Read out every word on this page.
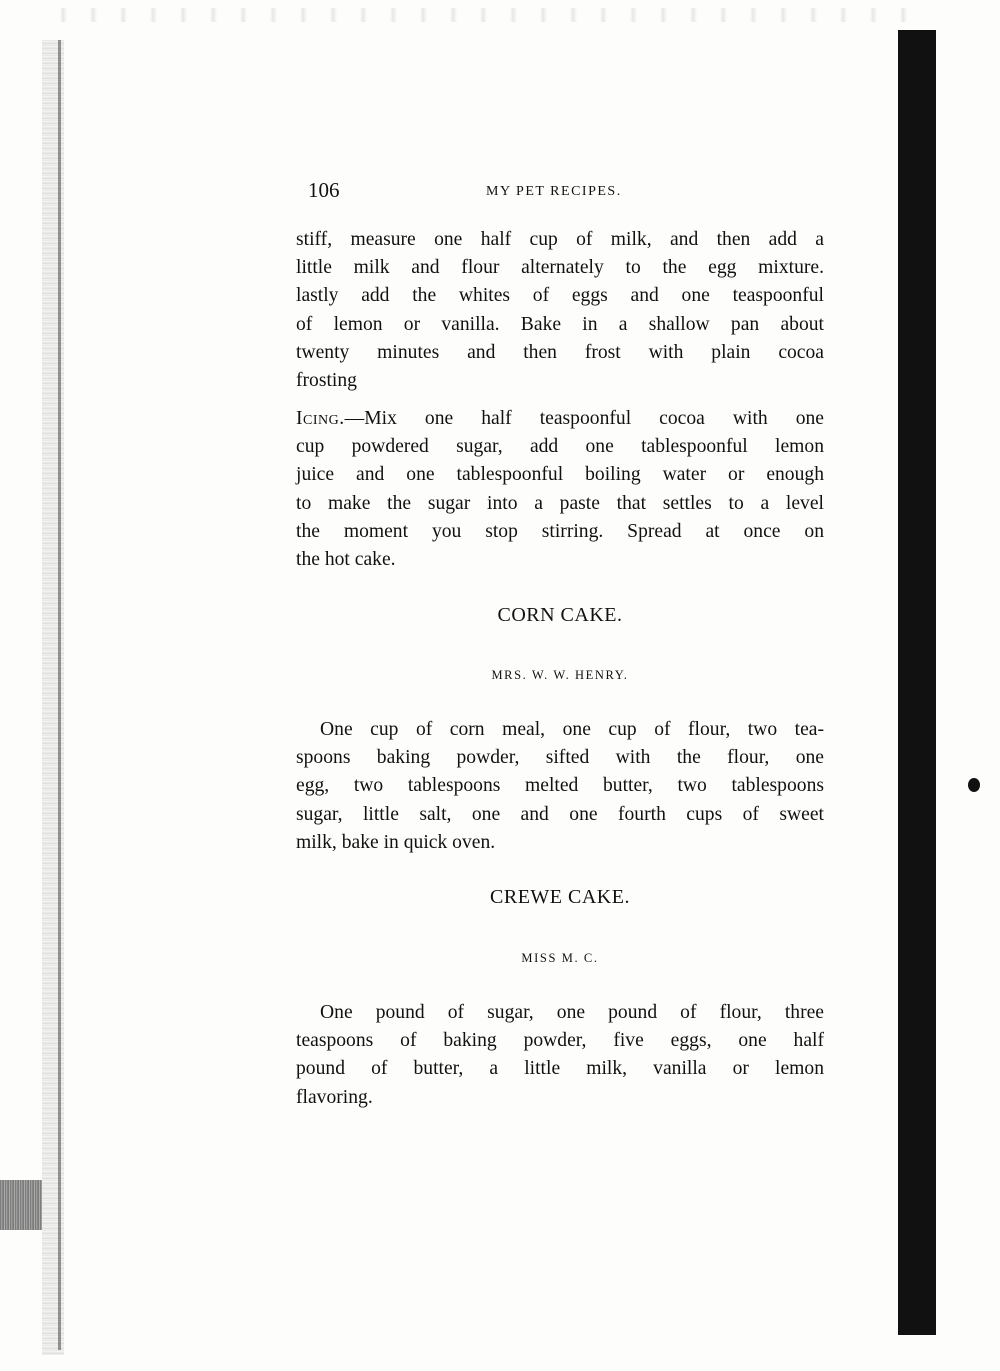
106	MY PET RECIPES.
stiff, measure one half cup of milk, and then add a
little milk and flour alternately to the egg mixture.
lastly add the whites of eggs and one teaspoonful
of lemon or vanilla. Bake in a shallow pan about
twenty minutes and then frost with plain cocoa
frosting
Icing.—Mix one half teaspoonful cocoa with one
cup powdered sugar, add one tablespoonful lemon
juice and one tablespoonful boiling water or enough
to make the sugar into a paste that settles to a level
the moment you stop stirring. Spread at once on
the hot cake.
CORN CAKE.
MRS. W. W. HENRY.
One cup of corn meal, one cup of flour, two tea-
spoons baking powder, sifted with the flour, one
egg, two tablespoons melted butter, two tablespoons
sugar, little salt, one and one fourth cups of sweet
milk, bake in quick oven.
CREWE CAKE.
MISS M. C.
One pound of sugar, one pound of flour, three
teaspoons of baking powder, five eggs, one half
pound of butter, a little milk, vanilla or lemon
flavoring.
